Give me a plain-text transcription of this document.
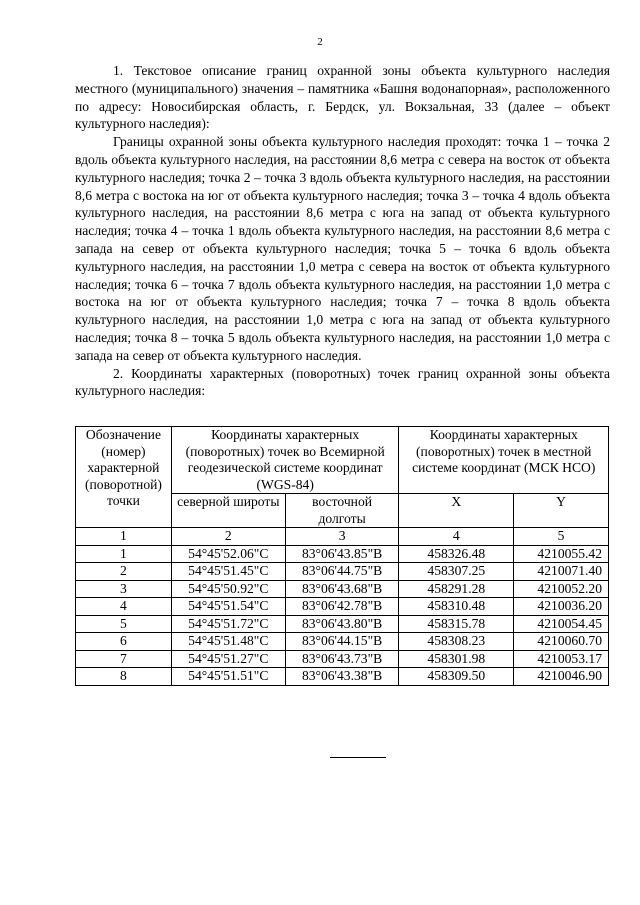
2

1. Текстовое описание границ охранной зоны объекта культурного наследия местного (муниципального) значения – памятника «Башня водонапорная», расположенного по адресу: Новосибирская область, г. Бердск, ул. Вокзальная, 33 (далее – объект культурного наследия):

Границы охранной зоны объекта культурного наследия проходят: точка 1 – точка 2 вдоль объекта культурного наследия, на расстоянии 8,6 метра с севера на восток от объекта культурного наследия; точка 2 – точка 3 вдоль объекта культурного наследия, на расстоянии 8,6 метра с востока на юг от объекта культурного наследия; точка 3 – точка 4 вдоль объекта культурного наследия, на расстоянии 8,6 метра с юга на запад от объекта культурного наследия; точка 4 – точка 1 вдоль объекта культурного наследия, на расстоянии 8,6 метра с запада на север от объекта культурного наследия; точка 5 – точка 6 вдоль объекта культурного наследия, на расстоянии 1,0 метра с севера на восток от объекта культурного наследия; точка 6 – точка 7 вдоль объекта культурного наследия, на расстоянии 1,0 метра с востока на юг от объекта культурного наследия; точка 7 – точка 8 вдоль объекта культурного наследия, на расстоянии 1,0 метра с юга на запад от объекта культурного наследия; точка 8 – точка 5 вдоль объекта культурного наследия, на расстоянии 1,0 метра с запада на север от объекта культурного наследия.

2. Координаты характерных (поворотных) точек границ охранной зоны объекта культурного наследия:

Обозначение (номер) характерной (поворотной) точки	Координаты характерных (поворотных) точек во Всемирной геодезической системе координат (WGS-84)		Координаты характерных (поворотных) точек в местной системе координат (МСК НСО)	
	северной широты	восточной долготы	X	Y
1	2	3	4	5
1	54°45'52.06"С	83°06'43.85"В	458326.48	4210055.42
2	54°45'51.45"С	83°06'44.75"В	458307.25	4210071.40
3	54°45'50.92"С	83°06'43.68"В	458291.28	4210052.20
4	54°45'51.54"С	83°06'42.78"В	458310.48	4210036.20
5	54°45'51.72"С	83°06'43.80"В	458315.78	4210054.45
6	54°45'51.48"С	83°06'44.15"В	458308.23	4210060.70
7	54°45'51.27"С	83°06'43.73"В	458301.98	4210053.17
8	54°45'51.51"С	83°06'43.38"В	458309.50	4210046.90
